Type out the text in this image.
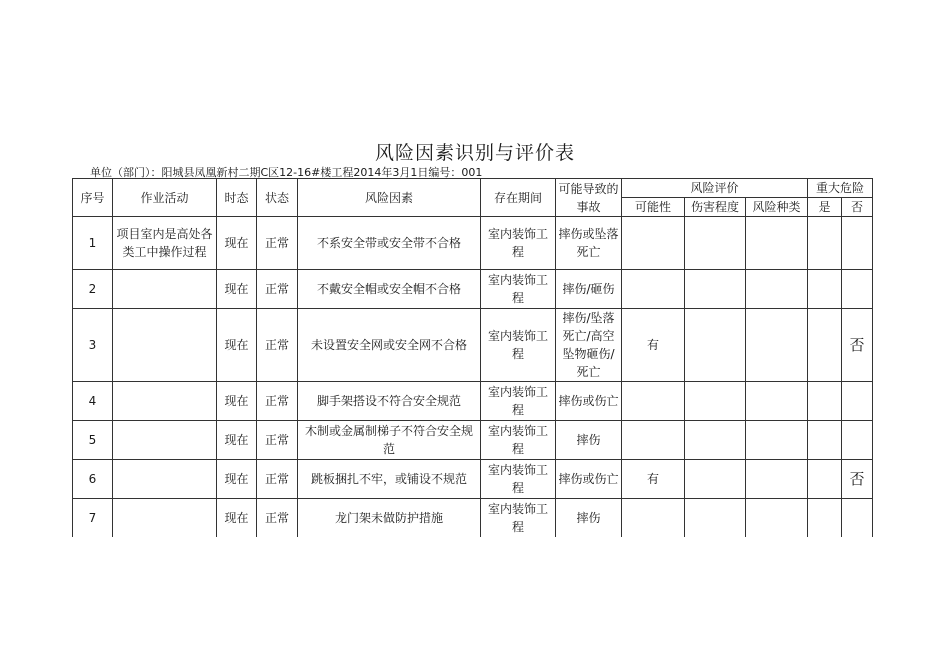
风险因素识别与评价表
单位（部门）：阳城县凤凰新村二期C区12-16#楼工程2014年3月1日编号：001
序号	作业活动	时态	状态	风险因素	存在期间	可能导致的事故	风险评价			重大危险	
							可能性	伤害程度	风险种类	是	否
1	项目室内是高处各类工中操作过程	现在	正常	不系安全带或安全带不合格	室内装饰工程	摔伤或坠落死亡					
2		现在	正常	不戴安全帽或安全帽不合格	室内装饰工程	摔伤/砸伤					
3		现在	正常	未设置安全网或安全网不合格	室内装饰工程	摔伤/坠落死亡/高空坠物砸伤/死亡	有				否
4		现在	正常	脚手架搭设不符合安全规范	室内装饰工程	摔伤或伤亡					
5		现在	正常	木制或金属制梯子不符合安全规范	室内装饰工程	摔伤					
6		现在	正常	跳板捆扎不牢，或铺设不规范	室内装饰工程	摔伤或伤亡	有				否
7		现在	正常	龙门架未做防护措施	室内装饰工程	摔伤					
